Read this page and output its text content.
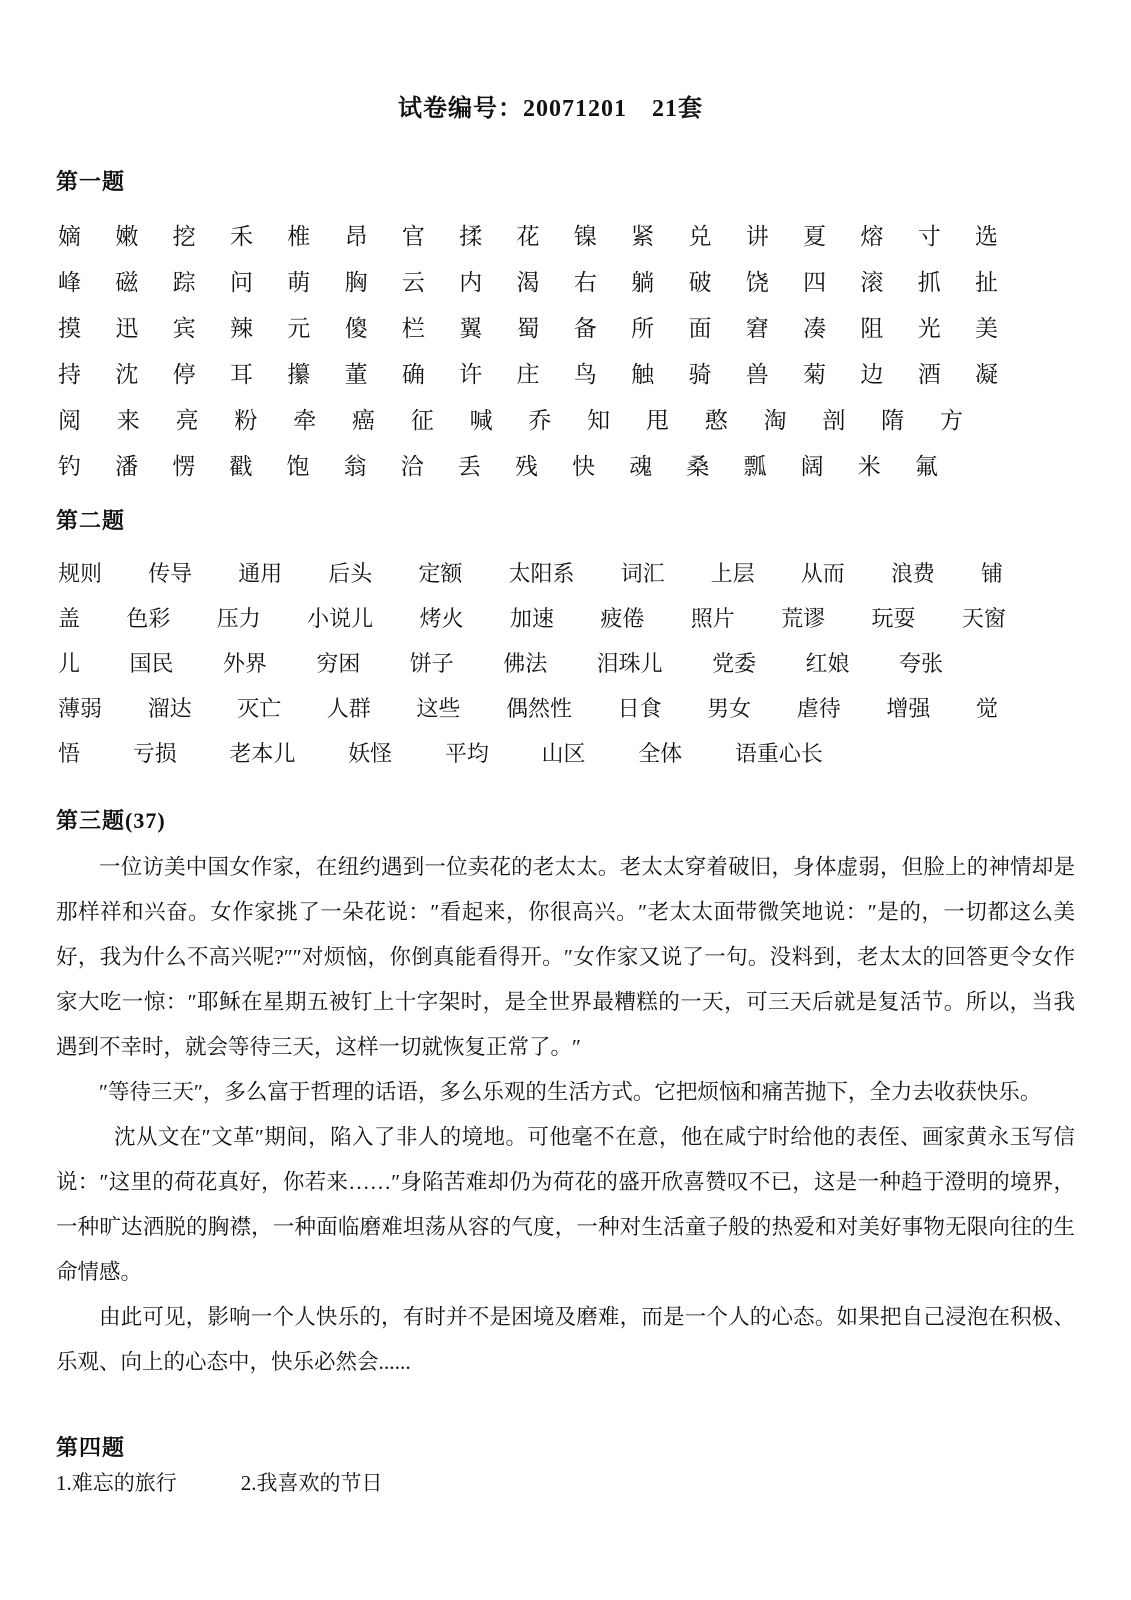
试卷编号：20071201　21套
第一题
嫡 嫩 挖 禾 椎 昂 官 揉 花 镍 紧 兑 讲 夏 熔 寸 选
峰 磁 踪 问 萌 胸 云 内 渴 右 躺 破 饶 四 滚 抓 扯
摸 迅 宾 辣 元 傻 栏 翼 蜀 备 所 面 窘 凑 阻 光 美
持 沈 停 耳 攥 董 确 许 庄 鸟 触 骑 兽 菊 边 酒 凝
阅 来 亮 粉 牵 癌 征 喊 乔 知 甩 憨 淘 剖 隋 方
钓 潘 愣 戳 饱 翁 洽 丢 残 快 魂 桑 瓢 阔 米 氟
第二题
规则 传导 通用 后头 定额 太阳系 词汇 上层 从而 浪费 铺
盖 色彩 压力 小说儿 烤火 加速 疲倦 照片 荒谬 玩耍 天窗
儿 国民 外界 穷困 饼子 佛法 泪珠儿 党委 红娘 夸张
薄弱 溜达 灭亡 人群 这些 偶然性 日食 男女 虐待 增强 觉
悟 亏损 老本儿 妖怪 平均 山区 全体 语重心长
第三题(37)

一位访美中国女作家，在纽约遇到一位卖花的老太太。老太太穿着破旧，身体虚弱，但脸上的神情却是那样祥和兴奋。女作家挑了一朵花说：″看起来，你很高兴。″老太太面带微笑地说：″是的，一切都这么美好，我为什么不高兴呢?″″对烦恼，你倒真能看得开。″女作家又说了一句。没料到，老太太的回答更令女作家大吃一惊：″耶稣在星期五被钉上十字架时，是全世界最糟糕的一天，可三天后就是复活节。所以，当我遇到不幸时，就会等待三天，这样一切就恢复正常了。″

″等待三天″，多么富于哲理的话语，多么乐观的生活方式。它把烦恼和痛苦抛下，全力去收获快乐。

沈从文在″文革″期间，陷入了非人的境地。可他毫不在意，他在咸宁时给他的表侄、画家黄永玉写信说：″这里的荷花真好，你若来……″身陷苦难却仍为荷花的盛开欣喜赞叹不已，这是一种趋于澄明的境界，一种旷达洒脱的胸襟，一种面临磨难坦荡从容的气度，一种对生活童子般的热爱和对美好事物无限向往的生命情感。

由此可见，影响一个人快乐的，有时并不是困境及磨难，而是一个人的心态。如果把自己浸泡在积极、乐观、向上的心态中，快乐必然会......

第四题
1.难忘的旅行	2.我喜欢的节日
